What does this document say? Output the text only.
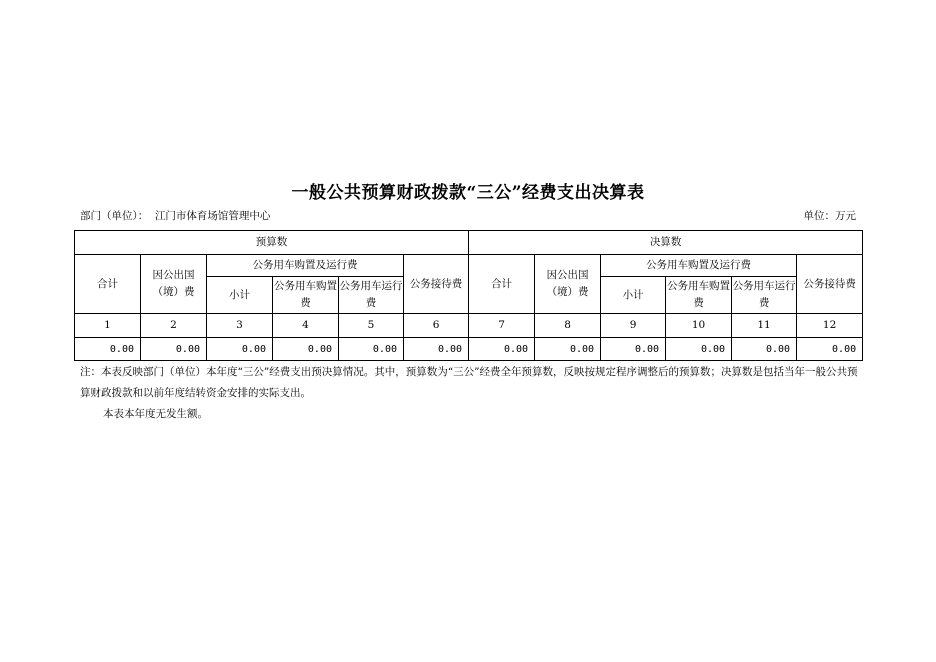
一般公共预算财政拨款“三公”经费支出决算表
部门（单位）： 江门市体育场馆管理中心	单位：万元
预算数						决算数					
合计	因公出国（境）费	公务用车购置及运行费			公务接待费	合计	因公出国（境）费	公务用车购置及运行费			公务接待费
		小计	公务用车购置费	公务用车运行费				小计	公务用车购置费	公务用车运行费	
1	2	3	4	5	6	7	8	9	10	11	12
0.00	0.00	0.00	0.00	0.00	0.00	0.00	0.00	0.00	0.00	0.00	0.00
注：本表反映部门（单位）本年度“三公”经费支出预决算情况。其中，预算数为“三公”经费全年预算数，反映按规定程序调整后的预算数；决算数是包括当年一般公共预算财政拨款和以前年度结转资金安排的实际支出。
本表本年度无发生额。
